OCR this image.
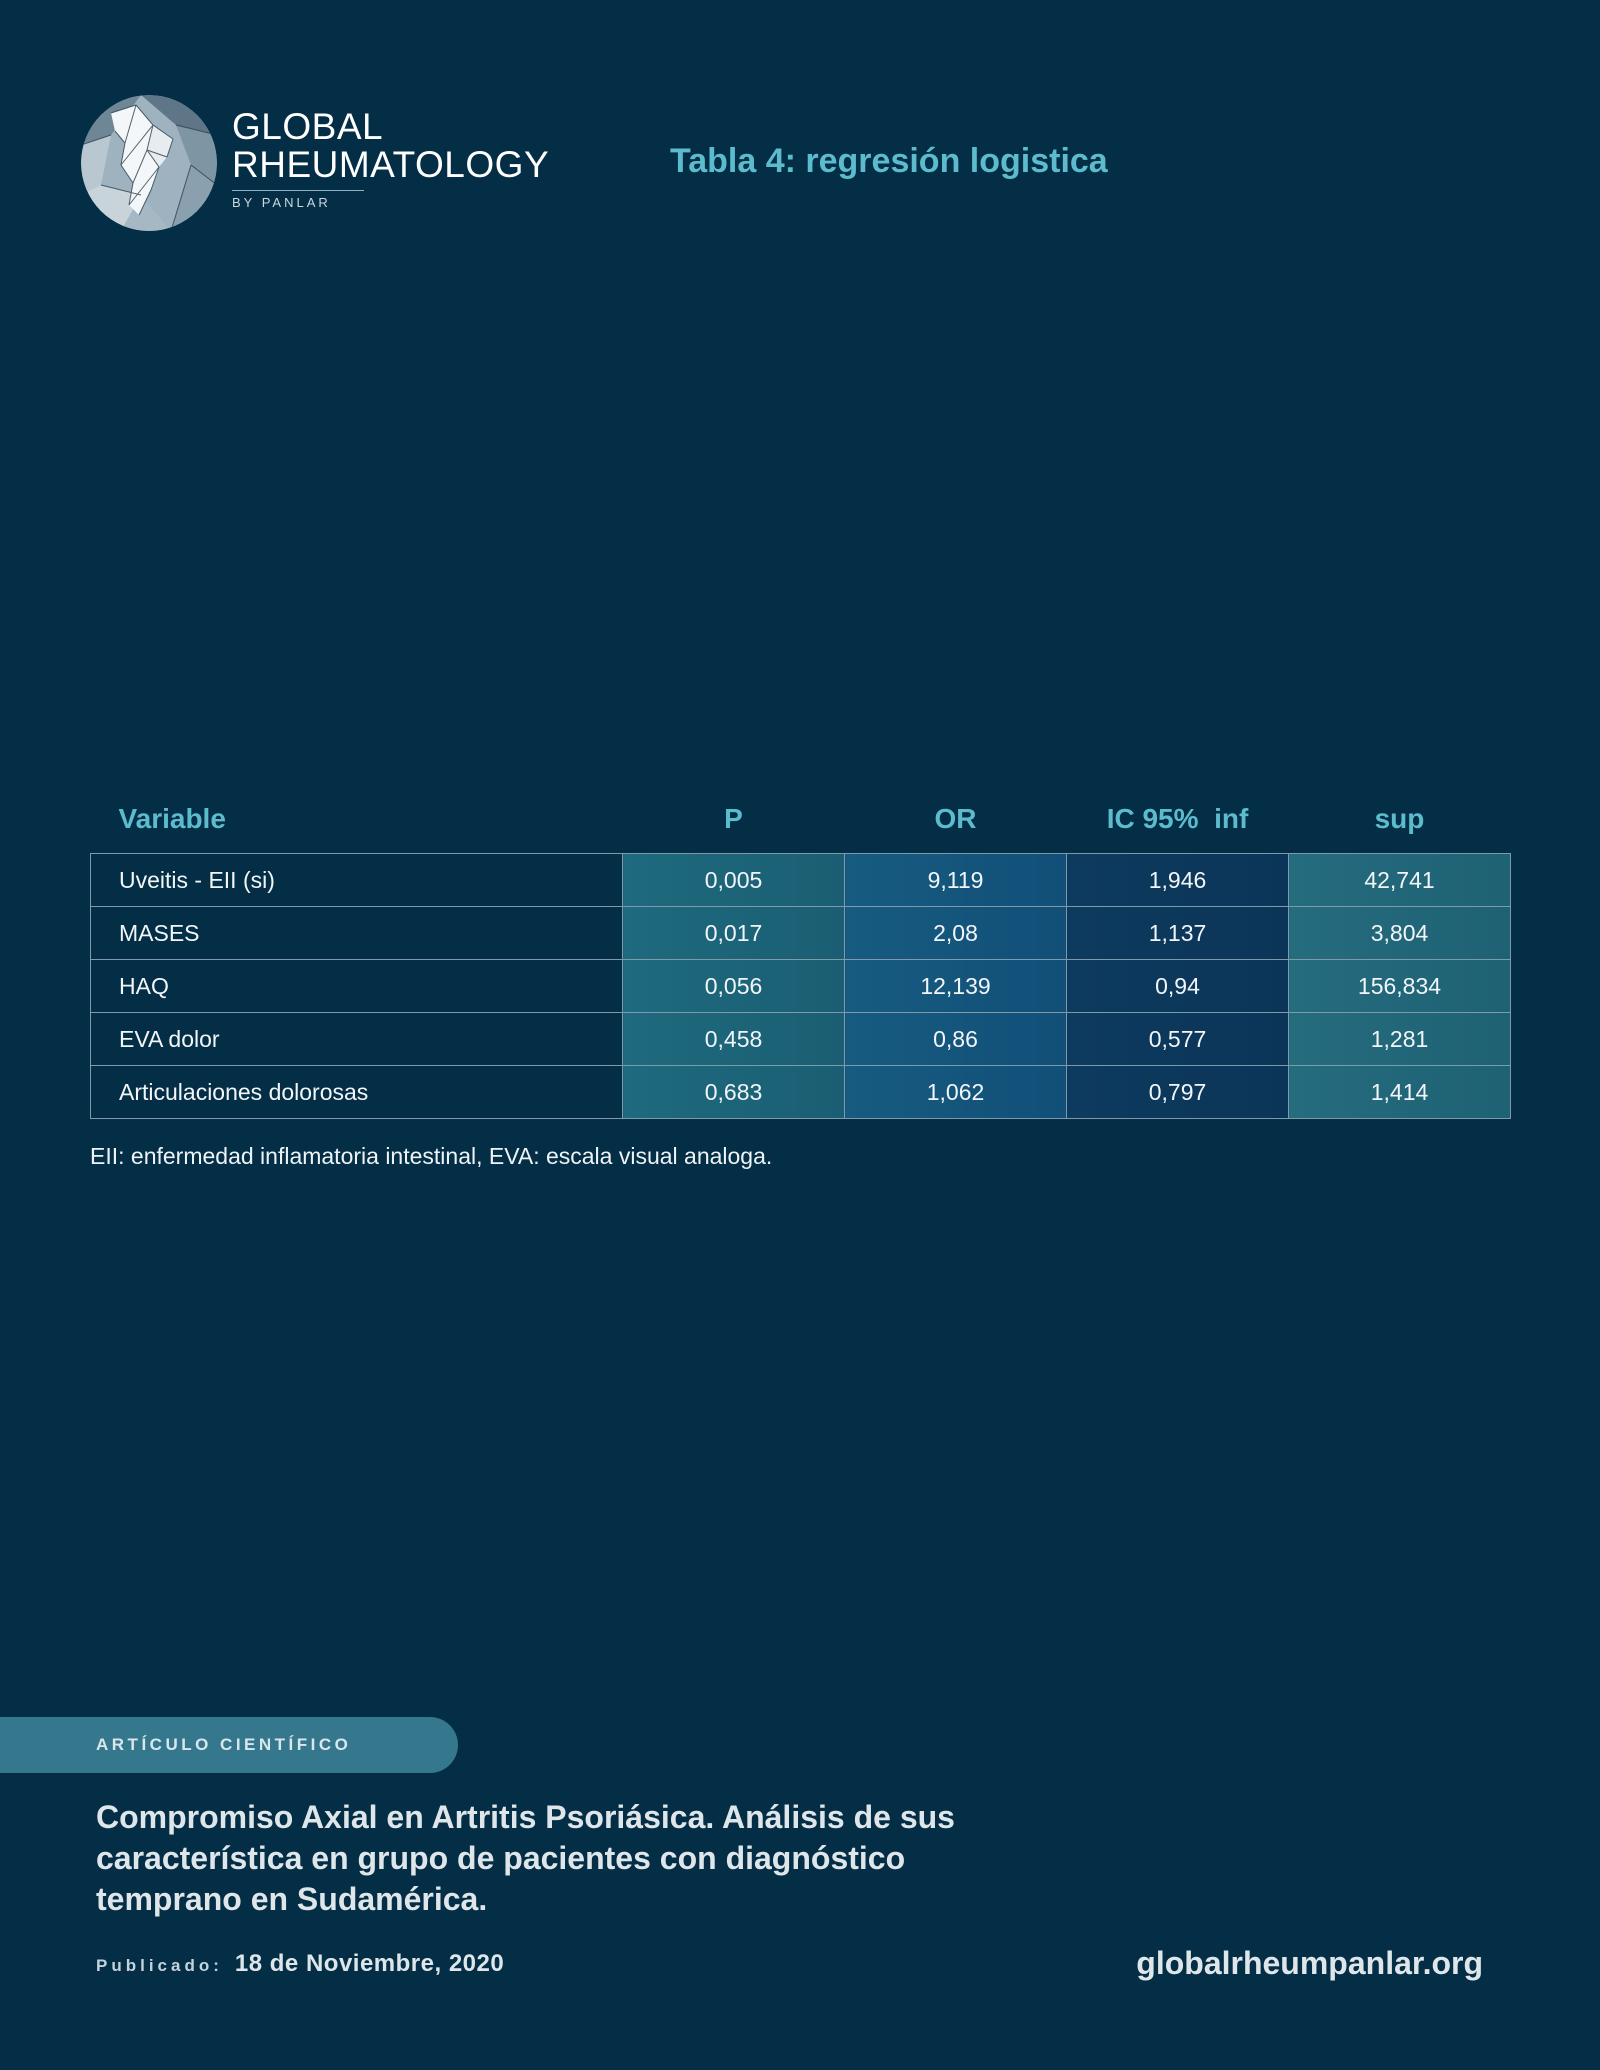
GLOBAL
RHEUMATOLOGY
BY PANLAR
Tabla 4: regresión logistica
Variable	P	OR	IC 95%  inf	sup
Uveitis - EII (si)	0,005	9,119	1,946	42,741
MASES	0,017	2,08	1,137	3,804
HAQ	0,056	12,139	0,94	156,834
EVA dolor	0,458	0,86	0,577	1,281
Articulaciones dolorosas	0,683	1,062	0,797	1,414
EII: enfermedad inflamatoria intestinal, EVA: escala visual analoga.
ARTÍCULO CIENTÍFICO
Compromiso Axial en Artritis Psoriásica. Análisis de sus característica en grupo de pacientes con diagnóstico temprano en Sudamérica.
Publicado: 18 de Noviembre, 2020	globalrheumpanlar.org
